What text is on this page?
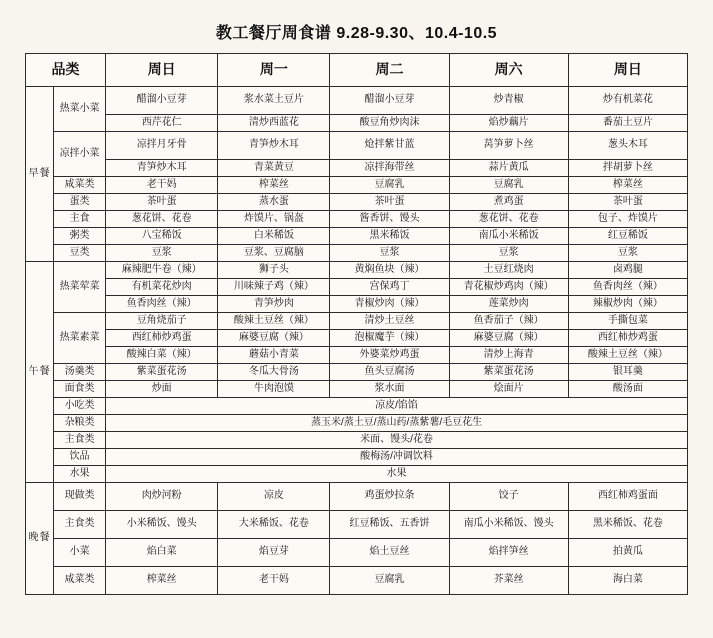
教工餐厅周食谱 9.28-9.30、10.4-10.5
品类		周日	周一	周二	周六	周日

早餐	热菜小菜	醋溜小豆芽	浆水菜土豆片	醋溜小豆芽	炒青椒	炒有机菜花
		西芹花仁	清炒西蓝花	酸豆角炒肉沫	焰炒藕片	番茄土豆片
	凉拌小菜	凉拌月牙骨	青笋炒木耳	炝拌紫甘蓝	莴笋萝卜丝	葱头木耳
		青笋炒木耳	青菜黄豆	凉拌海带丝	蒜片黄瓜	拌胡萝卜丝
	咸菜类	老干妈	榨菜丝	豆腐乳	豆腐乳	榨菜丝
	蛋类	茶叶蛋	蒸水蛋	茶叶蛋	煮鸡蛋	茶叶蛋
	主食	葱花饼、花卷	炸馍片、锅盔	酱香饼、馒头	葱花饼、花卷	包子、炸馍片
	粥类	八宝稀饭	白米稀饭	黑米稀饭	南瓜小米稀饭	红豆稀饭
	豆类	豆浆	豆浆、豆腐脑	豆浆	豆浆	豆浆

午餐	热菜荤菜	麻辣肥牛卷（辣）	狮子头	黄焖鱼块（辣）	土豆红烧肉	卤鸡腿
		有机菜花炒肉	川味辣子鸡（辣）	宫保鸡丁	青花椒炒鸡肉（辣）	鱼香肉丝（辣）
		鱼香肉丝（辣）	青笋炒肉	青椒炒肉（辣）	莲菜炒肉	辣椒炒肉（辣）
	热菜素菜	豆角烧茄子	酸辣土豆丝（辣）	清炒土豆丝	鱼香茄子（辣）	手撕包菜
		西红柿炒鸡蛋	麻婆豆腐（辣）	泡椒魔芋（辣）	麻婆豆腐（辣）	西红柿炒鸡蛋
		酸辣白菜（辣）	蘑菇小青菜	外婆菜炒鸡蛋	清炒上海青	酸辣土豆丝（辣）
	汤羹类	紫菜蛋花汤	冬瓜大骨汤	鱼头豆腐汤	紫菜蛋花汤	银耳羹
	面食类	炒面	牛肉泡馍	浆水面	烩面片	酸汤面
	小吃类	凉皮/馅馅				
	杂粮类	蒸玉米/蒸土豆/蒸山药/蒸紫薯/毛豆花生				
	主食类	米面、馒头/花卷				
	饮品	酸梅汤/冲调饮料				
	水果	水果				

晚餐	现做类	肉炒河粉	凉皮	鸡蛋炒拉条	饺子	西红柿鸡蛋面
	主食类	小米稀饭、馒头	大米稀饭、花卷	红豆稀饭、五香饼	南瓜小米稀饭、馒头	黑米稀饭、花卷
	小菜	焰白菜	焰豆芽	焰土豆丝	焰拌笋丝	拍黄瓜
	咸菜类	榨菜丝	老干妈	豆腐乳	芥菜丝	海白菜
